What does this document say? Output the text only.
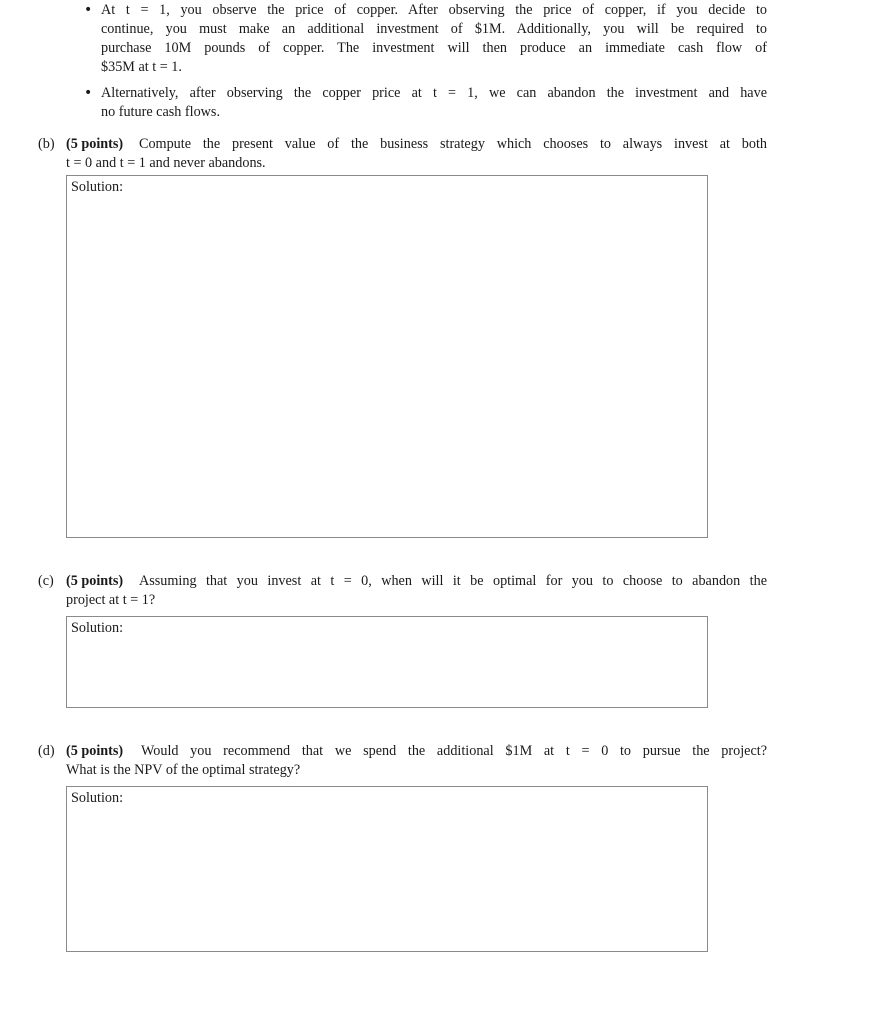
• At t = 1, you observe the price of copper. After observing the price of copper, if you decide to
continue, you must make an additional investment of $1M. Additionally, you will be required to
purchase 10M pounds of copper. The investment will then produce an immediate cash flow of
$35M at t = 1.
• Alternatively, after observing the copper price at t = 1, we can abandon the investment and have
no future cash flows.
(b) (5 points) Compute the present value of the business strategy which chooses to always invest at both
t = 0 and t = 1 and never abandons.
Solution:
(c) (5 points) Assuming that you invest at t = 0, when will it be optimal for you to choose to abandon the
project at t = 1?
Solution:
(d) (5 points) Would you recommend that we spend the additional $1M at t = 0 to pursue the project?
What is the NPV of the optimal strategy?
Solution:
